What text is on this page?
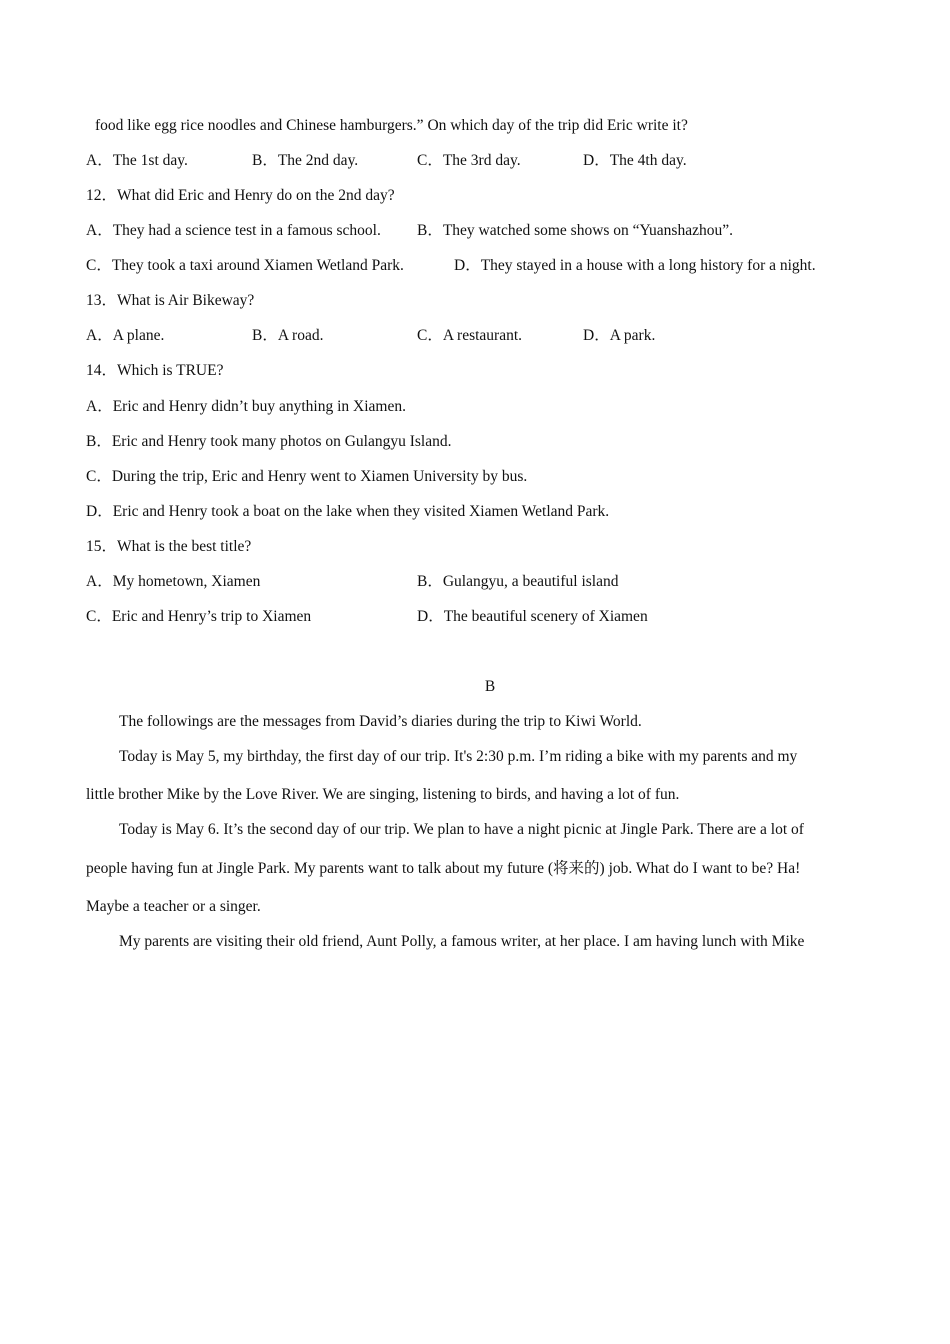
food like egg rice noodles and Chinese hamburgers.” On which day of the trip did Eric write it?
A．The 1st day.	B．The 2nd day.	C．The 3rd day.	D．The 4th day.
12．What did Eric and Henry do on the 2nd day?
A．They had a science test in a famous school. B．They watched some shows on “Yuanshazhou”.
C．They took a taxi around Xiamen Wetland Park.	D．They stayed in a house with a long history for a night.
13．What is Air Bikeway?
A．A plane.	B．A road.	C．A restaurant.	D．A park.
14．Which is TRUE?
A．Eric and Henry didn’t buy anything in Xiamen.
B．Eric and Henry took many photos on Gulangyu Island.
C．During the trip, Eric and Henry went to Xiamen University by bus.
D．Eric and Henry took a boat on the lake when they visited Xiamen Wetland Park.
15．What is the best title?
A．My hometown, Xiamen	B．Gulangyu, a beautiful island
C．Eric and Henry’s trip to Xiamen	D．The beautiful scenery of Xiamen
B
The followings are the messages from David’s diaries during the trip to Kiwi World.
Today is May 5, my birthday, the first day of our trip. It's 2:30 p.m. I’m riding a bike with my parents and my
little brother Mike by the Love River. We are singing, listening to birds, and having a lot of fun.
Today is May 6. It’s the second day of our trip. We plan to have a night picnic at Jingle Park. There are a lot of
people having fun at Jingle Park. My parents want to talk about my future (将来的) job. What do I want to be? Ha!
Maybe a teacher or a singer.
My parents are visiting their old friend, Aunt Polly, a famous writer, at her place. I am having lunch with Mike
